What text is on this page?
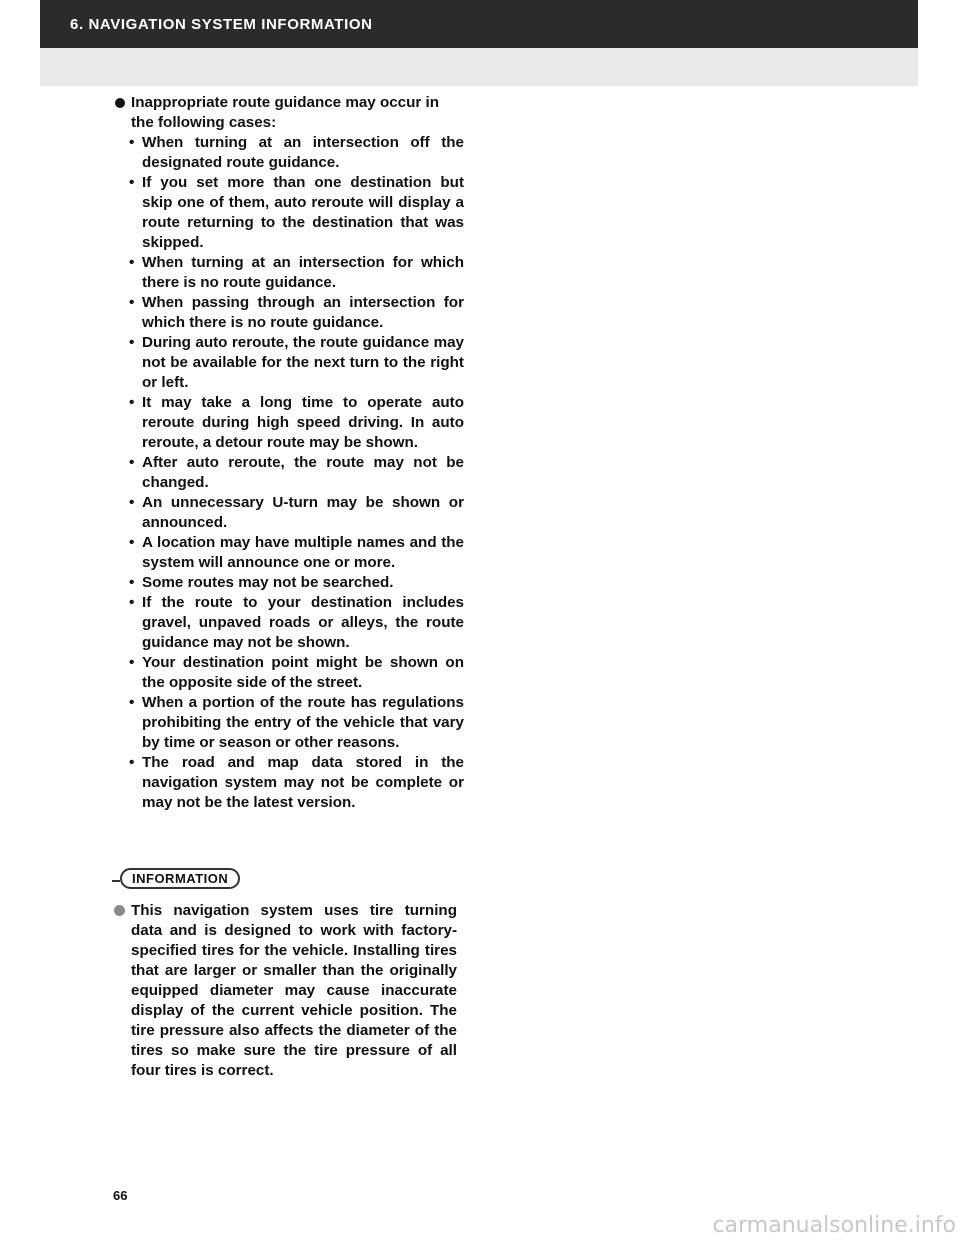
6. NAVIGATION SYSTEM INFORMATION
Inappropriate route guidance may occur in the following cases:
• When turning at an intersection off the designated route guidance.
• If you set more than one destination but skip one of them, auto reroute will display a route returning to the destination that was skipped.
• When turning at an intersection for which there is no route guidance.
• When passing through an intersection for which there is no route guidance.
• During auto reroute, the route guidance may not be available for the next turn to the right or left.
• It may take a long time to operate auto reroute during high speed driving. In auto reroute, a detour route may be shown.
• After auto reroute, the route may not be changed.
• An unnecessary U-turn may be shown or announced.
• A location may have multiple names and the system will announce one or more.
• Some routes may not be searched.
• If the route to your destination includes gravel, unpaved roads or alleys, the route guidance may not be shown.
• Your destination point might be shown on the opposite side of the street.
• When a portion of the route has regulations prohibiting the entry of the vehicle that vary by time or season or other reasons.
• The road and map data stored in the navigation system may not be complete or may not be the latest version.
INFORMATION
This navigation system uses tire turning data and is designed to work with factory-specified tires for the vehicle. Installing tires that are larger or smaller than the originally equipped diameter may cause inaccurate display of the current vehicle position. The tire pressure also affects the diameter of the tires so make sure the tire pressure of all four tires is correct.
66
carmanualsonline.info
